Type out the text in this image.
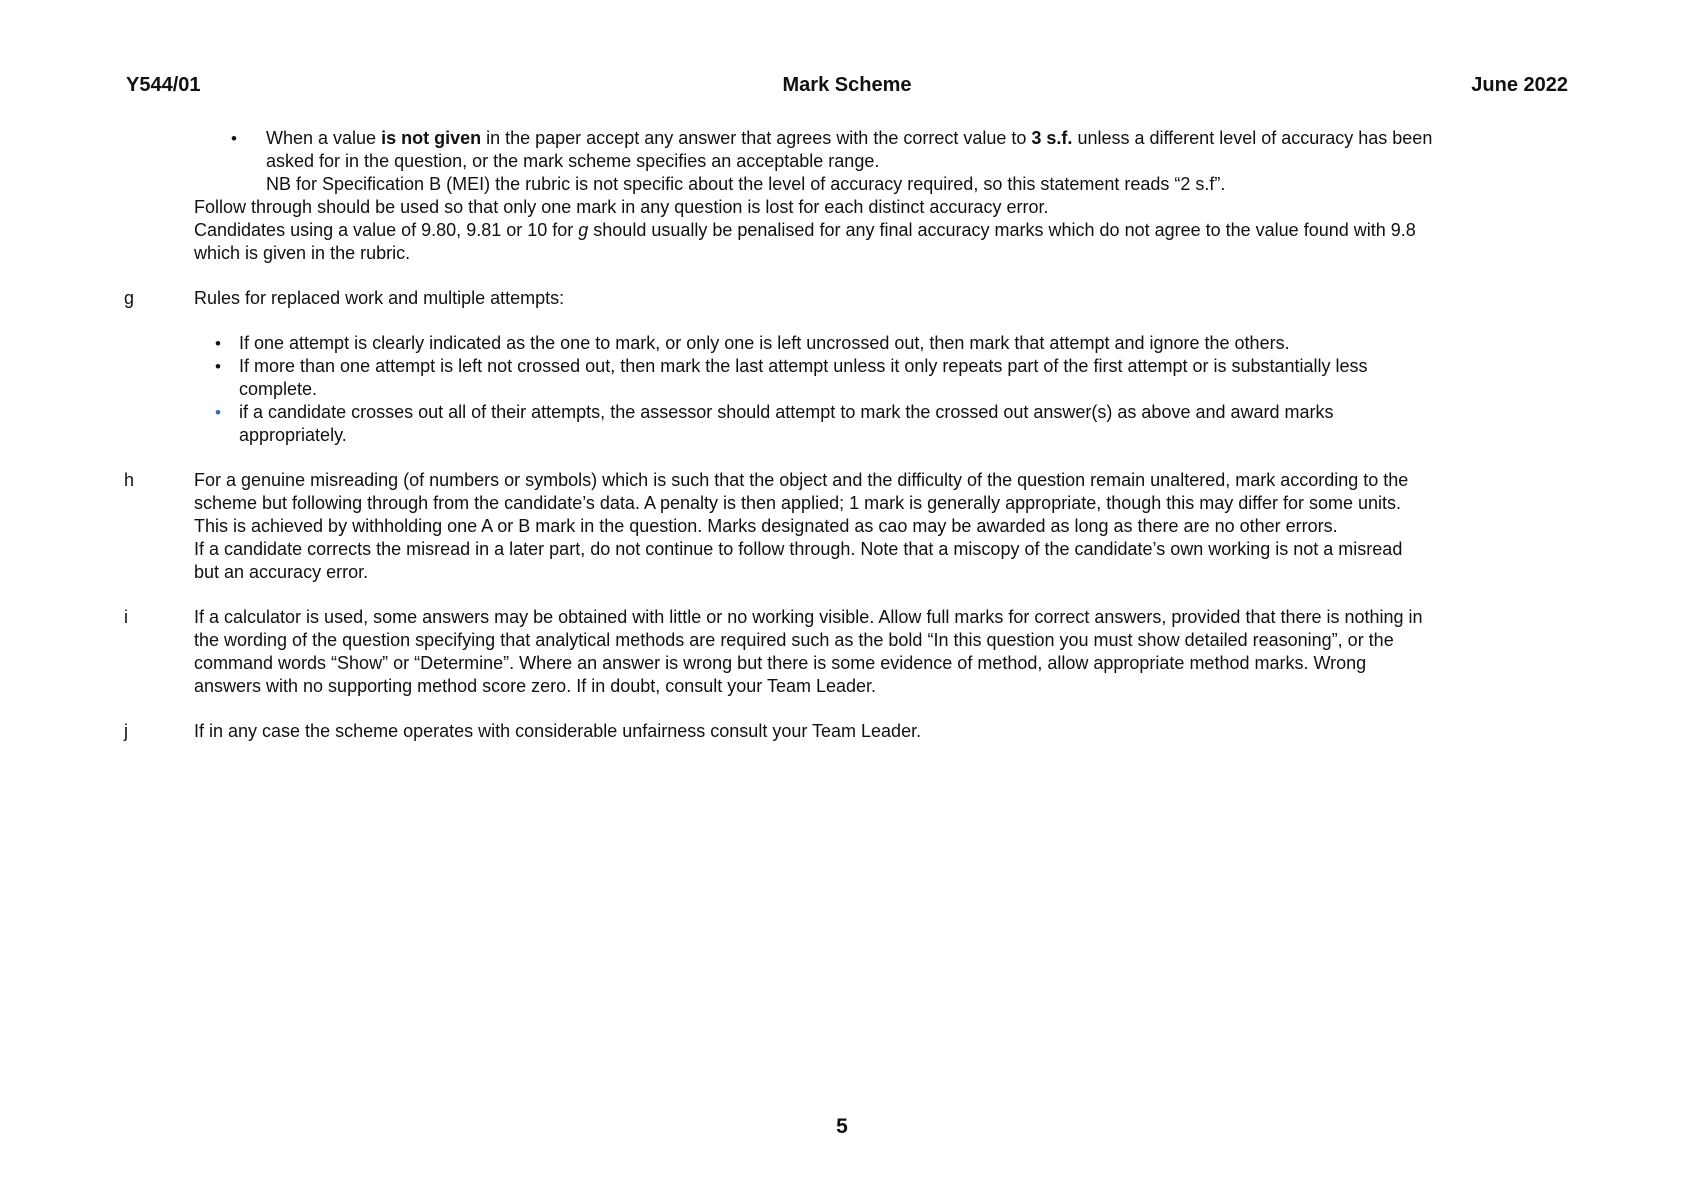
Y544/01	Mark Scheme	June 2022
• When a value is not given in the paper accept any answer that agrees with the correct value to 3 s.f. unless a different level of accuracy has been
asked for in the question, or the mark scheme specifies an acceptable range.
NB for Specification B (MEI) the rubric is not specific about the level of accuracy required, so this statement reads “2 s.f”.
Follow through should be used so that only one mark in any question is lost for each distinct accuracy error.
Candidates using a value of 9.80, 9.81 or 10 for g should usually be penalised for any final accuracy marks which do not agree to the value found with 9.8
which is given in the rubric.
g	Rules for replaced work and multiple attempts:
• If one attempt is clearly indicated as the one to mark, or only one is left uncrossed out, then mark that attempt and ignore the others.
• If more than one attempt is left not crossed out, then mark the last attempt unless it only repeats part of the first attempt or is substantially less
complete.
• if a candidate crosses out all of their attempts, the assessor should attempt to mark the crossed out answer(s) as above and award marks
appropriately.
h	For a genuine misreading (of numbers or symbols) which is such that the object and the difficulty of the question remain unaltered, mark according to the
scheme but following through from the candidate’s data. A penalty is then applied; 1 mark is generally appropriate, though this may differ for some units.
This is achieved by withholding one A or B mark in the question. Marks designated as cao may be awarded as long as there are no other errors.
If a candidate corrects the misread in a later part, do not continue to follow through. Note that a miscopy of the candidate’s own working is not a misread
but an accuracy error.
i	If a calculator is used, some answers may be obtained with little or no working visible. Allow full marks for correct answers, provided that there is nothing in
the wording of the question specifying that analytical methods are required such as the bold “In this question you must show detailed reasoning”, or the
command words “Show” or “Determine”. Where an answer is wrong but there is some evidence of method, allow appropriate method marks. Wrong
answers with no supporting method score zero. If in doubt, consult your Team Leader.
j	If in any case the scheme operates with considerable unfairness consult your Team Leader.
5
